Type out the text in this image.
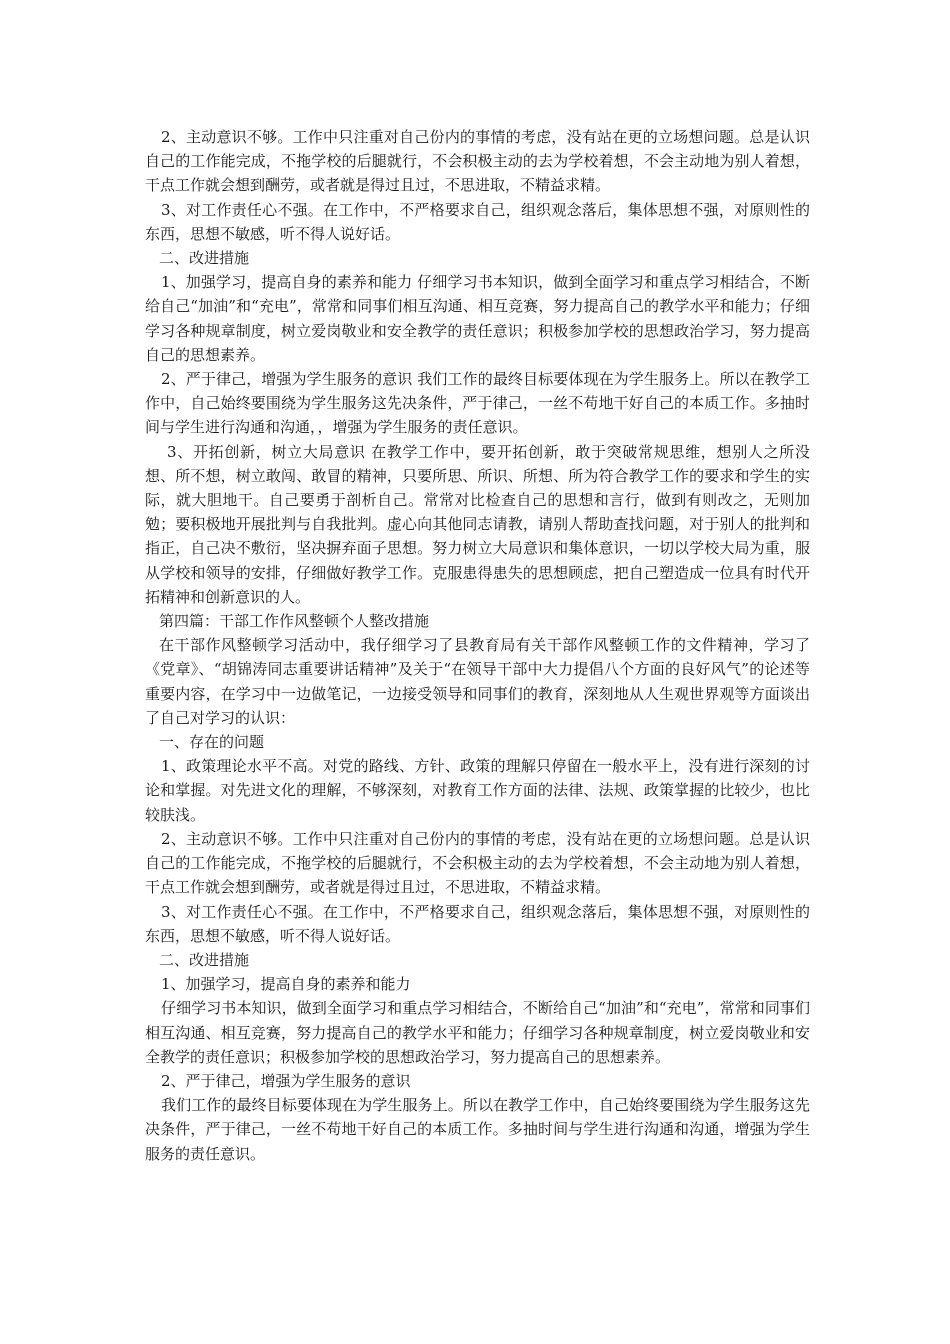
2、主动意识不够。工作中只注重对自己份内的事情的考虑，没有站在更的立场想问题。总是认识自己的工作能完成，不拖学校的后腿就行，不会积极主动的去为学校着想，不会主动地为别人着想，干点工作就会想到酬劳，或者就是得过且过，不思进取，不精益求精。

3、对工作责任心不强。在工作中，不严格要求自己，组织观念落后，集体思想不强，对原则性的东西，思想不敏感，听不得人说好话。

二、改进措施

1、加强学习，提高自身的素养和能力 仔细学习书本知识，做到全面学习和重点学习相结合，不断给自己“加油”和“充电”，常常和同事们相互沟通、相互竞赛，努力提高自己的教学水平和能力；仔细学习各种规章制度，树立爱岗敬业和安全教学的责任意识；积极参加学校的思想政治学习，努力提高自己的思想素养。

2、严于律己，增强为学生服务的意识 我们工作的最终目标要体现在为学生服务上。所以在教学工作中，自己始终要围绕为学生服务这先决条件，严于律己，一丝不苟地干好自己的本质工作。多抽时间与学生进行沟通和沟通，，增强为学生服务的责任意识。

3、开拓创新，树立大局意识 在教学工作中，要开拓创新，敢于突破常规思维，想别人之所没想、所不想，树立敢闯、敢冒的精神，只要所思、所识、所想、所为符合教学工作的要求和学生的实际，就大胆地干。自己要勇于剖析自己。常常对比检查自己的思想和言行，做到有则改之，无则加勉；要积极地开展批判与自我批判。虚心向其他同志请教，请别人帮助查找问题，对于别人的批判和指正，自己决不敷衍，坚决摒弃面子思想。努力树立大局意识和集体意识，一切以学校大局为重，服从学校和领导的安排，仔细做好教学工作。克服患得患失的思想顾虑，把自己塑造成一位具有时代开拓精神和创新意识的人。

第四篇：干部工作作风整顿个人整改措施

在干部作风整顿学习活动中，我仔细学习了县教育局有关干部作风整顿工作的文件精神，学习了《党章》、“胡锦涛同志重要讲话精神”及关于“在领导干部中大力提倡八个方面的良好风气”的论述等重要内容，在学习中一边做笔记，一边接受领导和同事们的教育，深刻地从人生观世界观等方面谈出了自己对学习的认识：

一、存在的问题

1、政策理论水平不高。对党的路线、方针、政策的理解只停留在一般水平上，没有进行深刻的讨论和掌握。对先进文化的理解，不够深刻，对教育工作方面的法律、法规、政策掌握的比较少，也比较肤浅。

2、主动意识不够。工作中只注重对自己份内的事情的考虑，没有站在更的立场想问题。总是认识自己的工作能完成，不拖学校的后腿就行，不会积极主动的去为学校着想，不会主动地为别人着想，干点工作就会想到酬劳，或者就是得过且过，不思进取，不精益求精。

3、对工作责任心不强。在工作中，不严格要求自己，组织观念落后，集体思想不强，对原则性的东西，思想不敏感，听不得人说好话。

二、改进措施

1、加强学习，提高自身的素养和能力

仔细学习书本知识，做到全面学习和重点学习相结合，不断给自己“加油”和“充电”，常常和同事们相互沟通、相互竞赛，努力提高自己的教学水平和能力；仔细学习各种规章制度，树立爱岗敬业和安全教学的责任意识；积极参加学校的思想政治学习，努力提高自己的思想素养。

2、严于律己，增强为学生服务的意识

我们工作的最终目标要体现在为学生服务上。所以在教学工作中，自己始终要围绕为学生服务这先决条件，严于律己，一丝不苟地干好自己的本质工作。多抽时间与学生进行沟通和沟通，增强为学生服务的责任意识。
